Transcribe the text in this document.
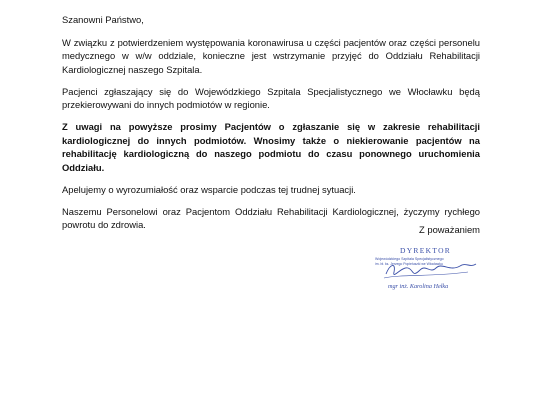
Szanowni Państwo,

W związku z potwierdzeniem występowania koronawirusa u części pacjentów oraz części personelu medycznego w w/w oddziale, konieczne jest wstrzymanie przyjęć do Oddziału Rehabilitacji Kardiologicznej naszego Szpitala.

Pacjenci zgłaszający się do Wojewódzkiego Szpitala Specjalistycznego we Włocławku będą przekierowywani do innych podmiotów w regionie.

Z uwagi na powyższe prosimy Pacjentów o zgłaszanie się w zakresie rehabilitacji kardiologicznej do innych podmiotów. Wnosimy także o niekierowanie pacjentów na rehabilitację kardiologiczną do naszego podmiotu do czasu ponownego uruchomienia Oddziału.

Apelujemy o wyrozumiałość oraz wsparcie podczas tej trudnej sytuacji.

Naszemu Personelowi oraz Pacjentom Oddziału Rehabilitacji Kardiologicznej, życzymy rychłego powrotu do zdrowia.	Z poważaniem
DYREKTOR
Wojewódzkiego Szpitala Specjalistycznego
im. bł. ks. Jerzego Popiełuszki we Włocławku
mgr inż. Karolina Hełka
